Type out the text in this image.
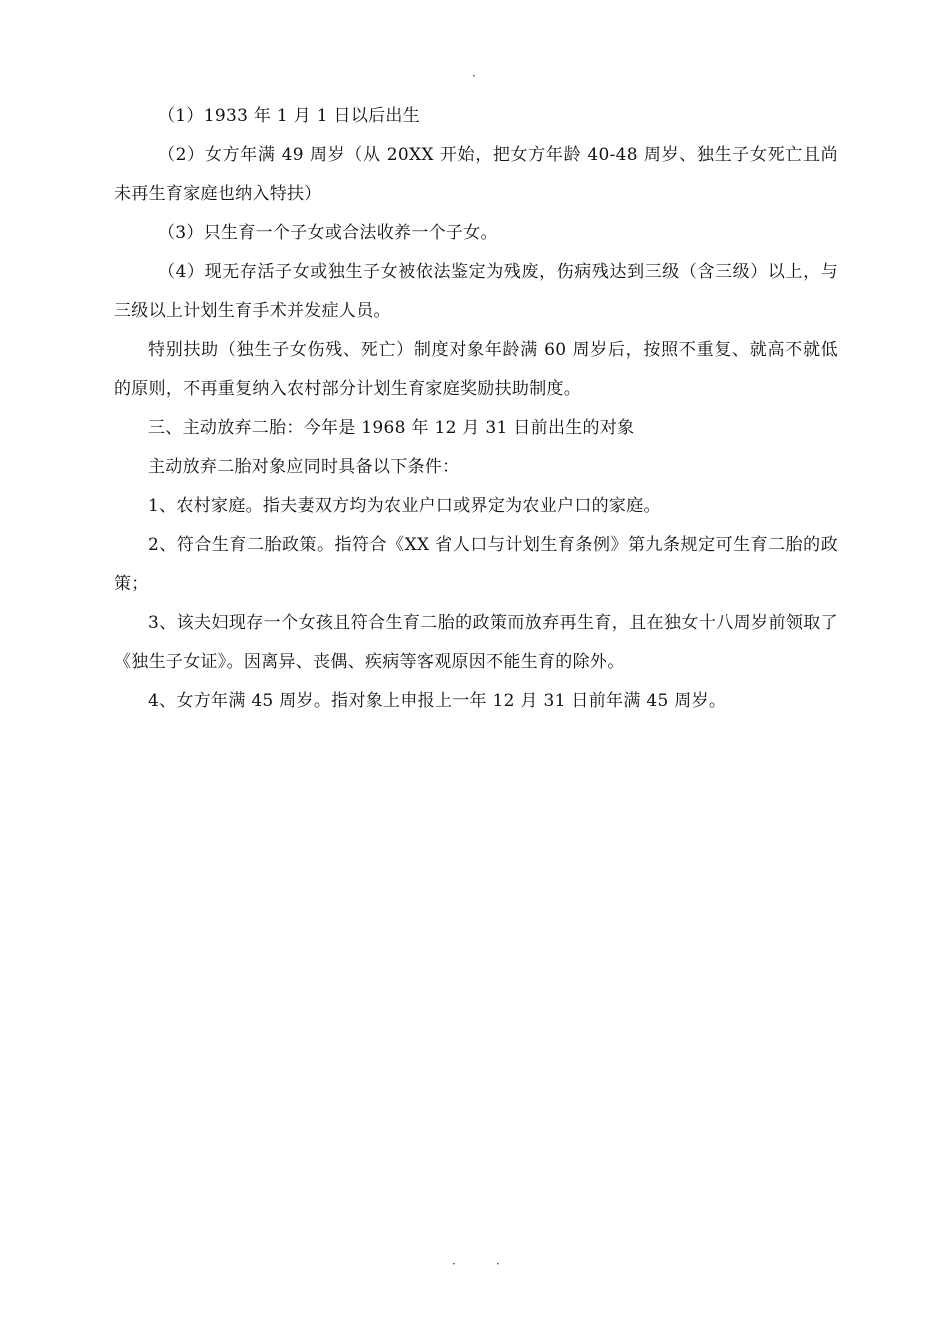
·

（1）1933 年 1 月 1 日以后出生

（2）女方年满 49 周岁（从 20XX 开始，把女方年龄 40-48 周岁、独生子女死亡且尚未再生育家庭也纳入特扶）

（3）只生育一个子女或合法收养一个子女。

（4）现无存活子女或独生子女被依法鉴定为残废，伤病残达到三级（含三级）以上，与三级以上计划生育手术并发症人员。

特别扶助（独生子女伤残、死亡）制度对象年龄满 60 周岁后，按照不重复、就高不就低的原则，不再重复纳入农村部分计划生育家庭奖励扶助制度。

三、主动放弃二胎：今年是 1968 年 12 月 31 日前出生的对象

主动放弃二胎对象应同时具备以下条件：

1、农村家庭。指夫妻双方均为农业户口或界定为农业户口的家庭。

2、符合生育二胎政策。指符合《XX 省人口与计划生育条例》第九条规定可生育二胎的政策；

3、该夫妇现存一个女孩且符合生育二胎的政策而放弃再生育，且在独女十八周岁前领取了《独生子女证》。因离异、丧偶、疾病等客观原因不能生育的除外。

4、女方年满 45 周岁。指对象上申报上一年 12 月 31 日前年满 45 周岁。

·	·
